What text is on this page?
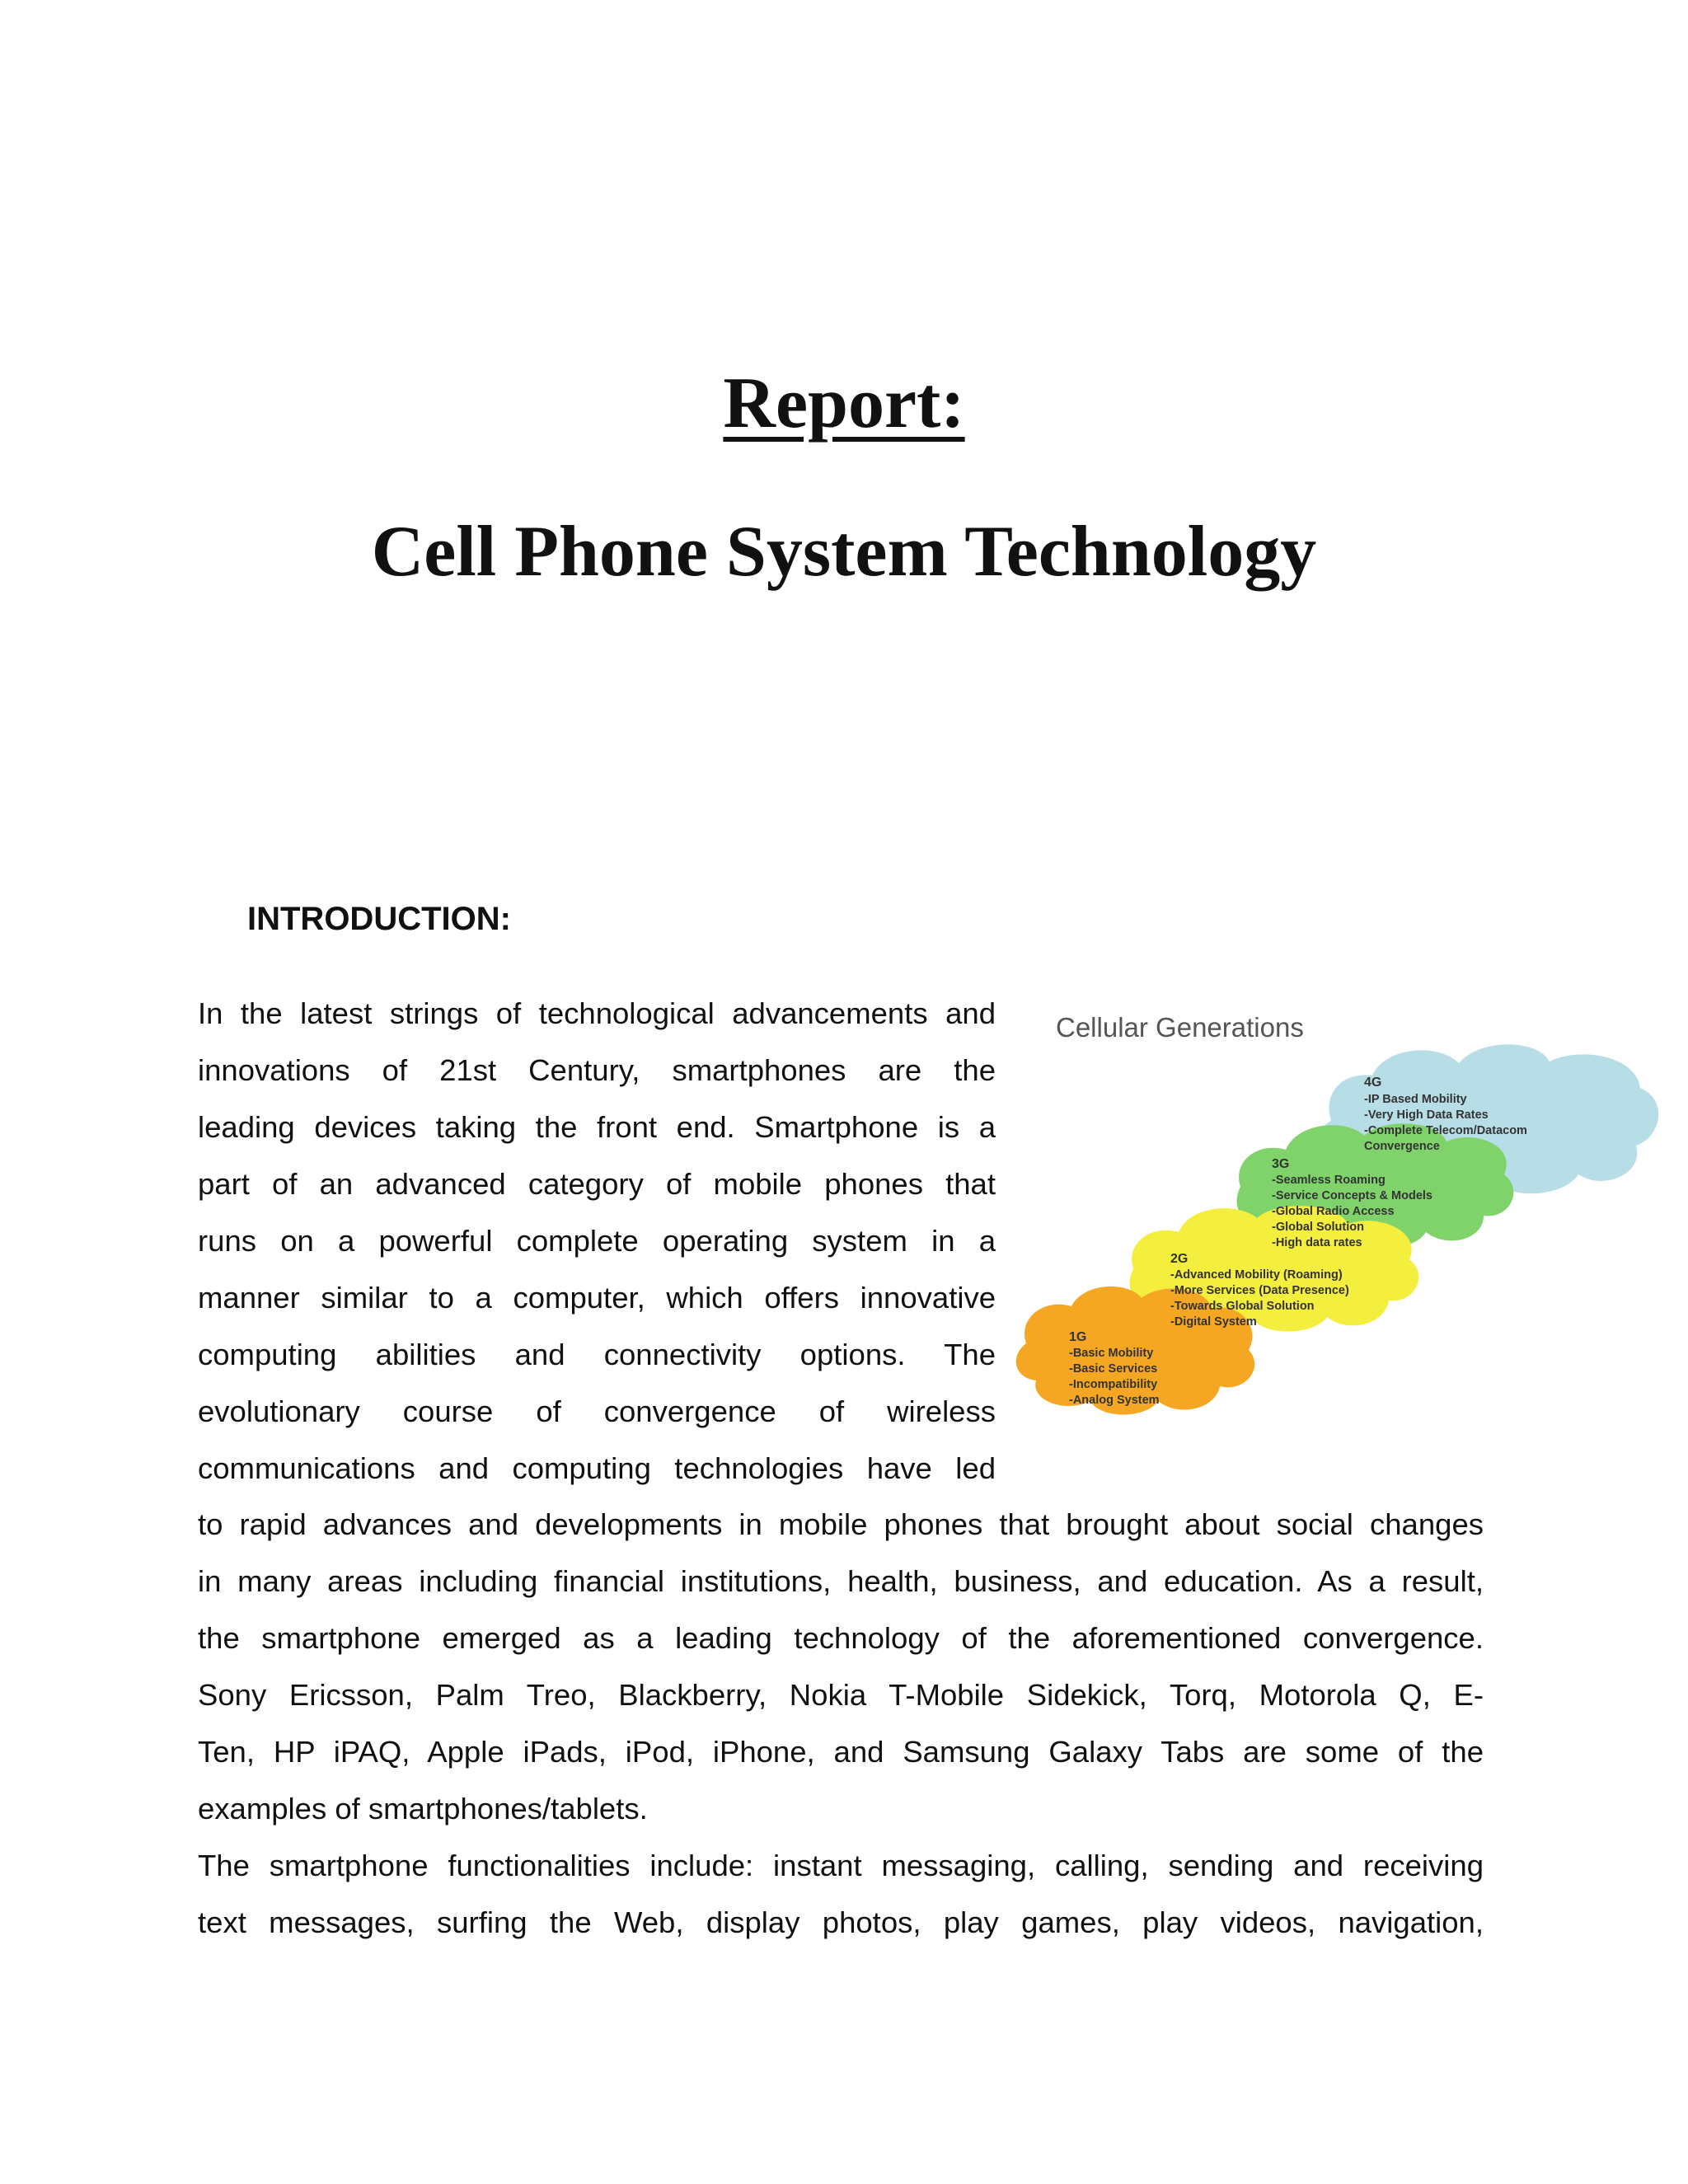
Report:
Cell Phone System Technology
INTRODUCTION:
In the latest strings of technological advancements and
innovations of 21st Century, smartphones are the
leading devices taking the front end. Smartphone is a
part of an advanced category of mobile phones that
runs on a powerful complete operating system in a
manner similar to a computer, which offers innovative
computing abilities and connectivity options. The
evolutionary course of convergence of wireless
communications and computing technologies have led
to rapid advances and developments in mobile phones that brought about social changes
in many areas including financial institutions, health, business, and education. As a result,
the smartphone emerged as a leading technology of the aforementioned convergence.
Sony Ericsson, Palm Treo, Blackberry, Nokia T-Mobile Sidekick, Torq, Motorola Q, E-
Ten, HP iPAQ, Apple iPads, iPod, iPhone, and Samsung Galaxy Tabs are some of the
examples of smartphones/tablets.
The smartphone functionalities include: instant messaging, calling, sending and receiving
text messages, surfing the Web, display photos, play games, play videos, navigation,
Cellular Generations
4G
-IP Based Mobility
-Very High Data Rates
-Complete Telecom/Datacom
Convergence
3G
-Seamless Roaming
-Service Concepts & Models
-Global Radio Access
-Global Solution
-High data rates
2G
-Advanced Mobility (Roaming)
-More Services (Data Presence)
-Towards Global Solution
-Digital System
1G
-Basic Mobility
-Basic Services
-Incompatibility
-Analog System
